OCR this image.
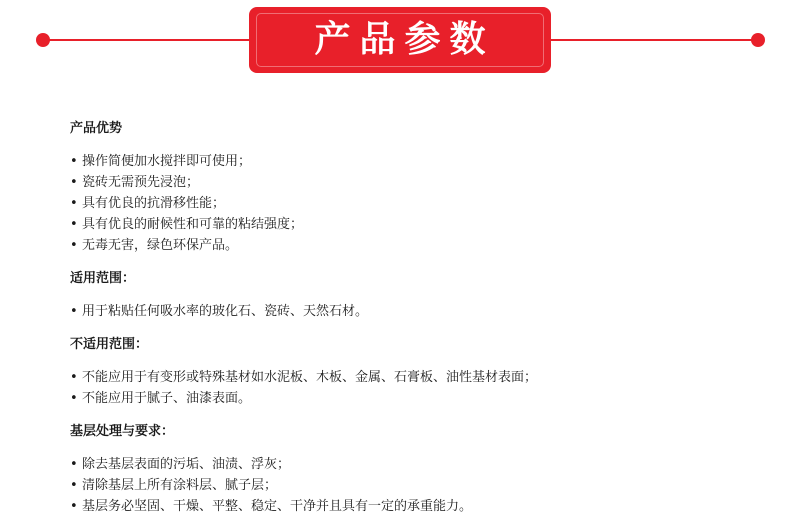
产品参数
产品优势
• 操作简便加水搅拌即可使用；
• 瓷砖无需预先浸泡；
• 具有优良的抗滑移性能；
• 具有优良的耐候性和可靠的粘结强度；
• 无毒无害，绿色环保产品。
适用范围：
• 用于粘贴任何吸水率的玻化石、瓷砖、天然石材。
不适用范围：
• 不能应用于有变形或特殊基材如水泥板、木板、金属、石膏板、油性基材表面；
• 不能应用于腻子、油漆表面。
基层处理与要求：
• 除去基层表面的污垢、油渍、浮灰；
• 清除基层上所有涂料层、腻子层；
• 基层务必坚固、干燥、平整、稳定、干净并且具有一定的承重能力。
